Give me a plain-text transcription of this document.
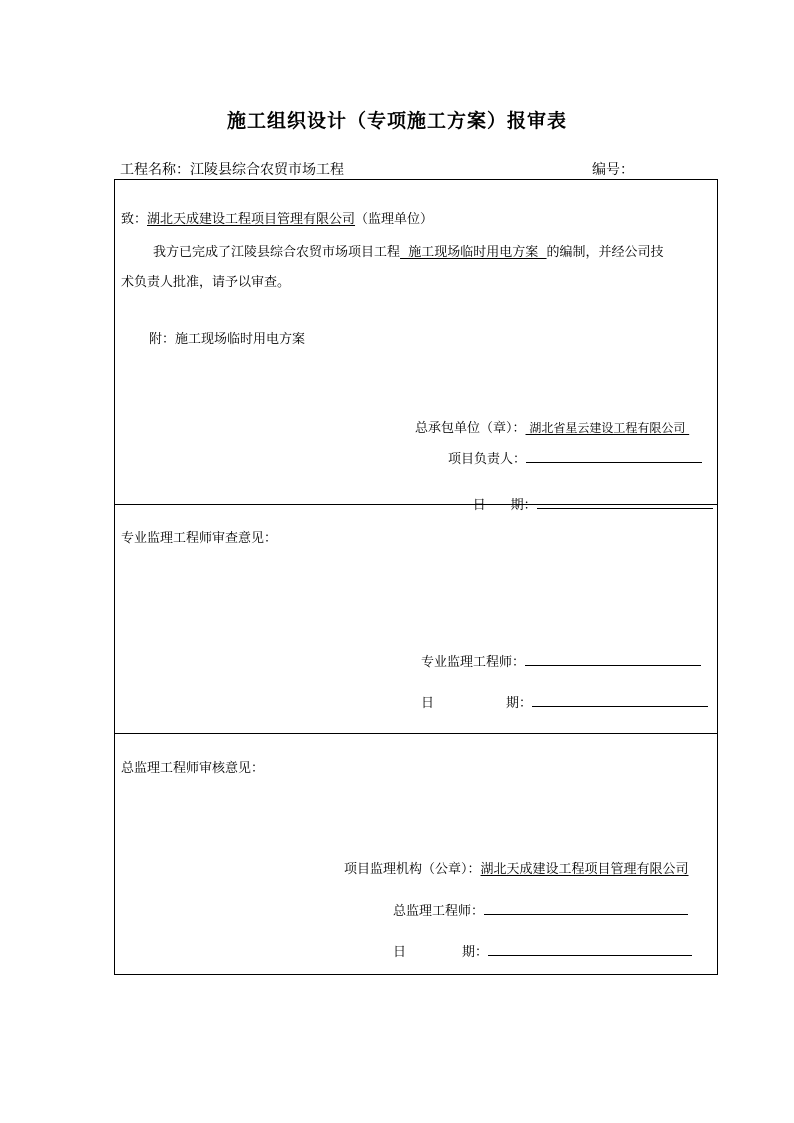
施工组织设计（专项施工方案）报审表
工程名称：江陵县综合农贸市场工程	编号：
致：湖北天成建设工程项目管理有限公司（监理单位）
我方已完成了江陵县综合农贸市场项目工程  施工现场临时用电方案  的编制，并经公司技
术负责人批准，请予以审查。
附：施工现场临时用电方案
总承包单位（章）： 湖北省星云建设工程有限公司
项目负责人：

日      期：

专业监理工程师审查意见：
专业监理工程师：
日	期：
总监理工程师审核意见：
项目监理机构（公章）：湖北天成建设工程项目管理有限公司
总监理工程师：
日	期：
